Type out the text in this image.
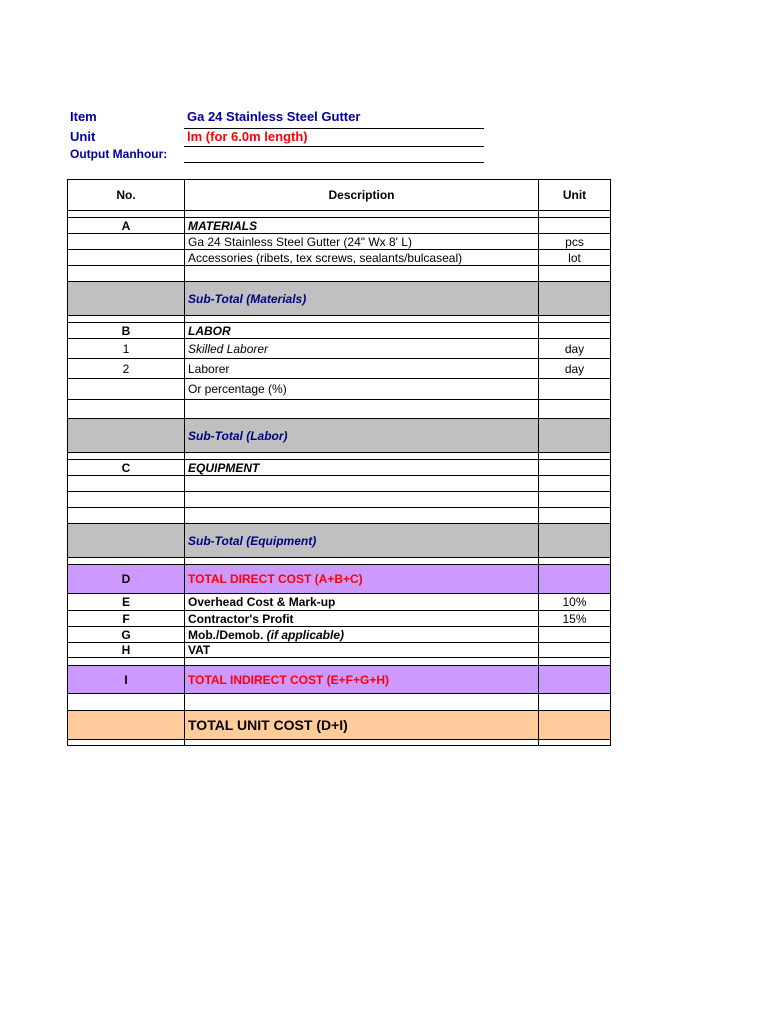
Item	Ga 24 Stainless Steel Gutter
Unit	lm (for 6.0m length)
Output Manhour:
No.	Description	Unit

A	MATERIALS	
	Ga 24 Stainless Steel Gutter (24" Wx 8' L)	pcs
	Accessories (ribets, tex screws, sealants/bulcaseal)	lot

	Sub-Total (Materials)	

B	LABOR	
1	Skilled Laborer	day
2	Laborer	day
	Or percentage (%)	

	Sub-Total (Labor)	

C	EQUIPMENT	

	Sub-Total (Equipment)	

D	TOTAL DIRECT COST (A+B+C)	
E	Overhead Cost & Mark-up	10%
F	Contractor's Profit	15%
G	Mob./Demob. (if applicable)	
H	VAT	

I	TOTAL INDIRECT COST (E+F+G+H)	

	TOTAL UNIT COST (D+I)	
